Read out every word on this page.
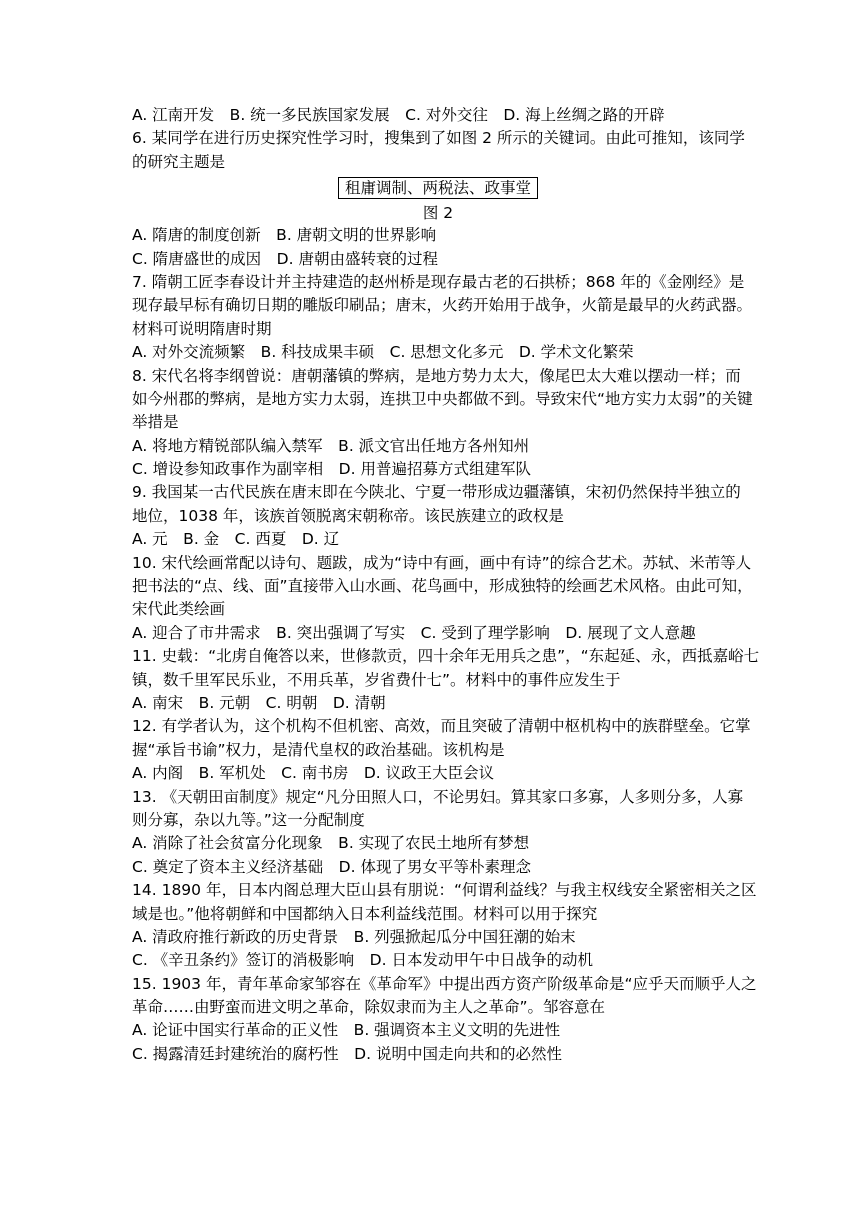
A. 江南开发　B. 统一多民族国家发展　C. 对外交往　D. 海上丝绸之路的开辟
6. 某同学在进行历史探究性学习时，搜集到了如图 2 所示的关键词。由此可推知，该同学
的研究主题是
租庸调制、两税法、政事堂
图 2
A. 隋唐的制度创新　B. 唐朝文明的世界影响
C. 隋唐盛世的成因　D. 唐朝由盛转衰的过程
7. 隋朝工匠李春设计并主持建造的赵州桥是现存最古老的石拱桥；868 年的《金刚经》是
现存最早标有确切日期的雕版印刷品；唐末，火药开始用于战争，火箭是最早的火药武器。
材料可说明隋唐时期
A. 对外交流频繁　B. 科技成果丰硕　C. 思想文化多元　D. 学术文化繁荣
8. 宋代名将李纲曾说：唐朝藩镇的弊病，是地方势力太大，像尾巴太大难以摆动一样；而
如今州郡的弊病，是地方实力太弱，连拱卫中央都做不到。导致宋代“地方实力太弱”的关键
举措是
A. 将地方精锐部队编入禁军　B. 派文官出任地方各州知州
C. 增设参知政事作为副宰相　D. 用普遍招募方式组建军队
9. 我国某一古代民族在唐末即在今陕北、宁夏一带形成边疆藩镇，宋初仍然保持半独立的
地位，1038 年，该族首领脱离宋朝称帝。该民族建立的政权是
A. 元　B. 金　C. 西夏　D. 辽
10. 宋代绘画常配以诗句、题跋，成为“诗中有画，画中有诗”的综合艺术。苏轼、米芾等人
把书法的“点、线、面”直接带入山水画、花鸟画中，形成独特的绘画艺术风格。由此可知，
宋代此类绘画
A. 迎合了市井需求　B. 突出强调了写实　C. 受到了理学影响　D. 展现了文人意趣
11. 史载：“北虏自俺答以来，世修款贡，四十余年无用兵之患”，“东起延、永，西抵嘉峪七
镇，数千里军民乐业，不用兵革，岁省费什七”。材料中的事件应发生于
A. 南宋　B. 元朝　C. 明朝　D. 清朝
12. 有学者认为，这个机构不但机密、高效，而且突破了清朝中枢机构中的族群壁垒。它掌
握“承旨书谕”权力，是清代皇权的政治基础。该机构是
A. 内阁　B. 军机处　C. 南书房　D. 议政王大臣会议
13. 《天朝田亩制度》规定“凡分田照人口，不论男妇。算其家口多寡，人多则分多，人寡
则分寡，杂以九等。”这一分配制度
A. 消除了社会贫富分化现象　B. 实现了农民土地所有梦想
C. 奠定了资本主义经济基础　D. 体现了男女平等朴素理念
14. 1890 年，日本内阁总理大臣山县有朋说：“何谓利益线？与我主权线安全紧密相关之区
域是也。”他将朝鲜和中国都纳入日本利益线范围。材料可以用于探究
A. 清政府推行新政的历史背景　B. 列强掀起瓜分中国狂潮的始末
C. 《辛丑条约》签订的消极影响　D. 日本发动甲午中日战争的动机
15. 1903 年，青年革命家邹容在《革命军》中提出西方资产阶级革命是“应乎天而顺乎人之
革命……由野蛮而进文明之革命，除奴隶而为主人之革命”。邹容意在
A. 论证中国实行革命的正义性　B. 强调资本主义文明的先进性
C. 揭露清廷封建统治的腐朽性　D. 说明中国走向共和的必然性
